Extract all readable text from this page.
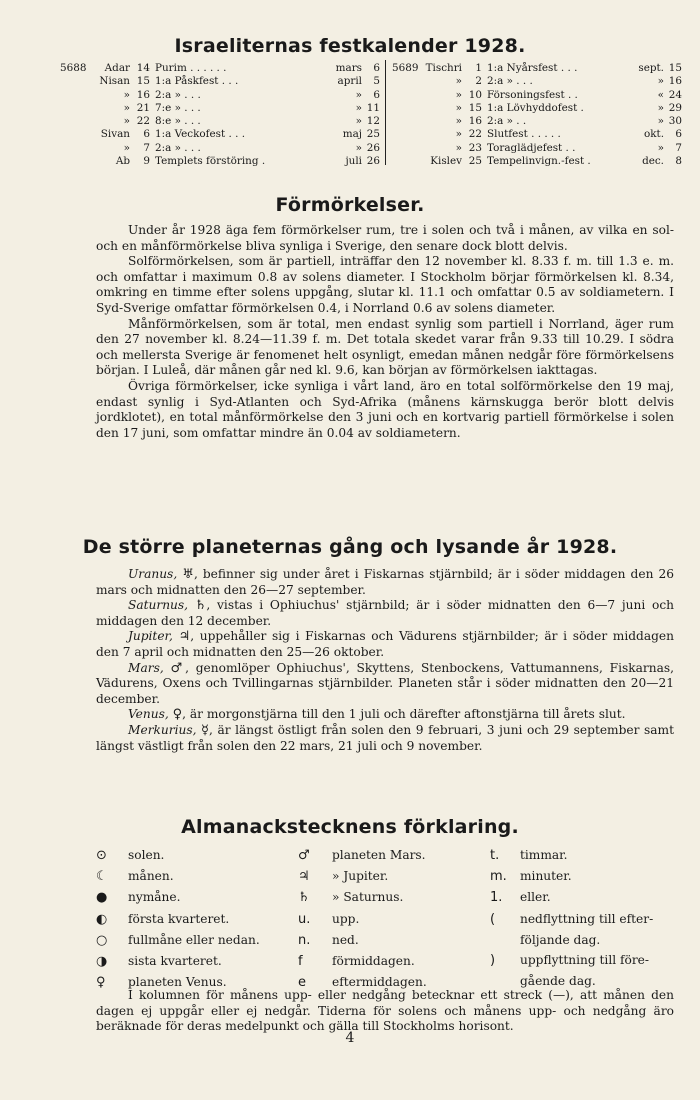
Israeliternas festkalender 1928.
5688	Adar 14 Purim . . . . . .	mars	6
Nisan 15 1:a Påskfest . . .	april	5
» 16 2:a » . . .	»	6
» 21 7:e » . . .	» 11
» 22 8:e » . . .	» 12
Sivan	6 1:a Veckofest . . .	maj 25
»	7 2:a » . . .	» 26
Ab	9 Templets förstöring .	juli 26
5689 Tischri	1 1:a Nyårsfest . . .	sept. 15
»	2 2:a » . . .	» 16
» 10 Försoningsfest . .	« 24
» 15 1:a Lövhyddofest .	» 29
» 16 2:a » . .	» 30
» 22 Slutfest . . . . .	okt.	6
» 23 Toraglädjefest . .	»	7
Kislev 25 Tempelinvign.-fest .	dec.	8
Förmörkelser.

Under år 1928 äga fem förmörkelser rum, tre i solen och två i månen, av vilka en sol- och en månförmörkelse bliva synliga i Sverige, den senare dock blott delvis.

Solförmörkelsen, som är partiell, inträffar den 12 november kl. 8.33 f. m. till 1.3 e. m. och omfattar i maximum 0.8 av solens diameter. I Stockholm börjar förmörkelsen kl. 8.34, omkring en timme efter solens uppgång, slutar kl. 11.1 och omfattar 0.5 av soldiametern. I Syd-Sverige omfattar förmörkelsen 0.4, i Norrland 0.6 av solens diameter.

Månförmörkelsen, som är total, men endast synlig som partiell i Norrland, äger rum den 27 november kl. 8.24—11.39 f. m. Det totala skedet varar från 9.33 till 10.29. I södra och mellersta Sverige är fenomenet helt osynligt, emedan månen nedgår före förmörkelsens början. I Luleå, där månen går ned kl. 9.6, kan början av förmörkelsen iakttagas.

Övriga förmörkelser, icke synliga i vårt land, äro en total solförmörkelse den 19 maj, endast synlig i Syd-Atlanten och Syd-Afrika (månens kärnskugga berör blott delvis jordklotet), en total månförmörkelse den 3 juni och en kortvarig partiell förmörkelse i solen den 17 juni, som omfattar mindre än 0.04 av soldiametern.

De större planeternas gång och lysande år 1928.

Uranus, ♅, befinner sig under året i Fiskarnas stjärnbild; är i söder middagen den 26 mars och midnatten den 26—27 september.

Saturnus, ♄, vistas i Ophiuchus' stjärnbild; är i söder midnatten den 6—7 juni och middagen den 12 december.

Jupiter, ♃, uppehåller sig i Fiskarnas och Vädurens stjärnbilder; är i söder middagen den 7 april och midnatten den 25—26 oktober.

Mars, ♂, genomlöper Ophiuchus', Skyttens, Stenbockens, Vattumannens, Fiskarnas, Vädurens, Oxens och Tvillingarnas stjärnbilder. Planeten står i söder midnatten den 20—21 december.

Venus, ♀, är morgonstjärna till den 1 juli och därefter aftonstjärna till årets slut.

Merkurius, ☿, är längst östligt från solen den 9 februari, 3 juni och 29 september samt längst västligt från solen den 22 mars, 21 juli och 9 november.

Almanackstecknens förklaring.
⊙ solen.
☾ månen.
● nymåne.
◐ första kvarteret.
○ fullmåne eller nedan.
◑ sista kvarteret.
♀ planeten Venus.
♂ planeten Mars.
♃ » Jupiter.
♄ » Saturnus.
u. upp.
n. ned.
f förmiddagen.
e eftermiddagen.
t. timmar.
m. minuter.
1. eller.
( nedflyttning till efter-
följande dag.
) uppflyttning till före-
gående dag.

I kolumnen för månens upp- eller nedgång betecknar ett streck (—), att månen den dagen ej uppgår eller ej nedgår. Tiderna för solens och månens upp- och nedgång äro beräknade för deras medelpunkt och gälla till Stockholms horisont.

4
